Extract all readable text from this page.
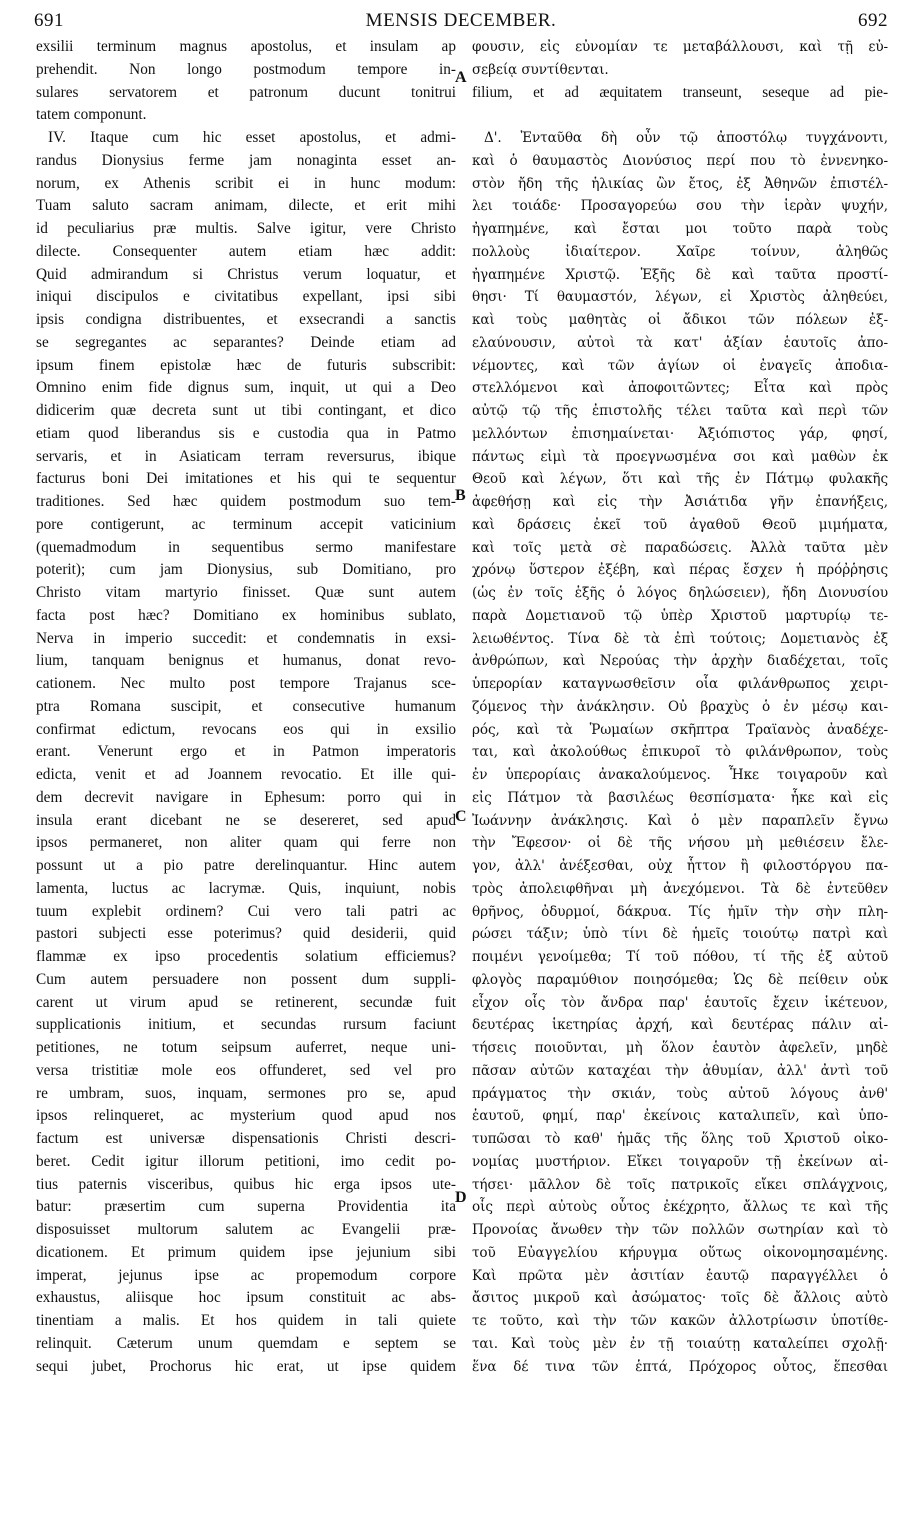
691	MENSIS DECEMBER.	692
exsilii terminum magnus apostolus, et insulam ap
prehendit. Non longo postmodum tempore in-
sulares servatorem et patronum ducunt tonitrui
tatem componunt.
IV. Itaque cum hic esset apostolus, et admi-
randus Dionysius ferme jam nonaginta esset an-
norum, ex Athenis scribit ei in hunc modum:
Tuam saluto sacram animam, dilecte, et erit mihi
id peculiarius præ multis. Salve igitur, vere Christo
dilecte. Consequenter autem etiam hæc addit:
Quid admirandum si Christus verum loquatur, et
iniqui discipulos e civitatibus expellant, ipsi sibi
ipsis condigna distribuentes, et exsecrandi a sanctis
se segregantes ac separantes? Deinde etiam ad
ipsum finem epistolæ hæc de futuris subscribit:
Omnino enim fide dignus sum, inquit, ut qui a Deo
didicerim quæ decreta sunt ut tibi contingant, et dico
etiam quod liberandus sis e custodia qua in Patmo
servaris, et in Asiaticam terram reversurus, ibique
facturus boni Dei imitationes et his qui te sequentur
traditiones. Sed hæc quidem postmodum suo tem-
pore contigerunt, ac terminum accepit vaticinium
(quemadmodum in sequentibus sermo manifestare
poterit); cum jam Dionysius, sub Domitiano, pro
Christo vitam martyrio finisset. Quæ sunt autem
facta post hæc? Domitiano ex hominibus sublato,
Nerva in imperio succedit: et condemnatis in exsi-
lium, tanquam benignus et humanus, donat revo-
cationem. Nec multo post tempore Trajanus sce-
ptra Romana suscipit, et consecutive humanum
confirmat edictum, revocans eos qui in exsilio
erant. Venerunt ergo et in Patmon imperatoris
edicta, venit et ad Joannem revocatio. Et ille qui-
dem decrevit navigare in Ephesum: porro qui in
insula erant dicebant ne se desereret, sed apud
ipsos permaneret, non aliter quam qui ferre non
possunt ut a pio patre derelinquantur. Hinc autem
lamenta, luctus ac lacrymæ. Quis, inquiunt, nobis
tuum explebit ordinem? Cui vero tali patri ac
pastori subjecti esse poterimus? quid desiderii, quid
flammæ ex ipso procedentis solatium efficiemus?
Cum autem persuadere non possent dum suppli-
carent ut virum apud se retinerent, secundæ fuit
supplicationis initium, et secundas rursum faciunt
petitiones, ne totum seipsum auferret, neque uni-
versa tristitiæ mole eos offunderet, sed vel pro
re umbram, suos, inquam, sermones pro se, apud
ipsos relinqueret, ac mysterium quod apud nos
factum est universæ dispensationis Christi descri-
beret. Cedit igitur illorum petitioni, imo cedit po-
tius paternis visceribus, quibus hic erga ipsos ute-
batur: præsertim cum superna Providentia ita
disposuisset multorum salutem ac Evangelii præ-
dicationem. Et primum quidem ipse jejunium sibi
imperat, jejunus ipse ac propemodum corpore
exhaustus, aliisque hoc ipsum constituit ac abs-
tinentiam a malis. Et hos quidem in tali quiete
relinquit. Cæterum unum quemdam e septem se
sequi jubet, Prochorus hic erat, ut ipse quidem
φουσιν, εἰς εὐνομίαν τε μεταβάλλουσι, καὶ τῇ εὐ-
σεβείᾳ συντίθενται.
filium, et ad æquitatem transeunt, seseque ad pie-
Δ'. Ἐνταῦθα δὴ οὖν τῷ ἀποστόλῳ τυγχάνοντι,
καὶ ὁ θαυμαστὸς Διονύσιος περί που τὸ ἐννενηκο-
στὸν ἤδη τῆς ἡλικίας ὢν ἔτος, ἐξ Ἀθηνῶν ἐπιστέλ-
λει τοιάδε· Προσαγορεύω σου τὴν ἱερὰν ψυχήν,
ἠγαπημένε, καὶ ἔσται μοι τοῦτο παρὰ τοὺς
πολλοὺς ἰδιαίτερον. Χαῖρε τοίνυν, ἀληθῶς
ἠγαπημένε Χριστῷ. Ἑξῆς δὲ καὶ ταῦτα προστί-
θησι· Τί θαυμαστόν, λέγων, εἰ Χριστὸς ἀληθεύει,
καὶ τοὺς μαθητὰς οἱ ἄδικοι τῶν πόλεων ἐξ-
ελαύνουσιν, αὐτοὶ τὰ κατ' ἀξίαν ἑαυτοῖς ἀπο-
νέμοντες, καὶ τῶν ἁγίων οἱ ἐναγεῖς ἀποδια-
στελλόμενοι καὶ ἀποφοιτῶντες; Εἶτα καὶ πρὸς
αὐτῷ τῷ τῆς ἐπιστολῆς τέλει ταῦτα καὶ περὶ τῶν
μελλόντων ἐπισημαίνεται· Ἀξιόπιστος γάρ, φησί,
πάντως εἰμὶ τὰ προεγνωσμένα σοι καὶ μαθὼν ἐκ
Θεοῦ καὶ λέγων, ὅτι καὶ τῆς ἐν Πάτμῳ φυλακῆς
ἀφεθήσῃ καὶ εἰς τὴν Ἀσιάτιδα γῆν ἐπανήξεις,
καὶ δράσεις ἐκεῖ τοῦ ἀγαθοῦ Θεοῦ μιμήματα,
καὶ τοῖς μετὰ σὲ παραδώσεις. Ἀλλὰ ταῦτα μὲν
χρόνῳ ὕστερον ἐξέβη, καὶ πέρας ἔσχεν ἡ πρόῤῥησις
(ὡς ἐν τοῖς ἑξῆς ὁ λόγος δηλώσειεν), ἤδη Διονυσίου
παρὰ Δομετιανοῦ τῷ ὑπὲρ Χριστοῦ μαρτυρίῳ τε-
λειωθέντος. Τίνα δὲ τὰ ἐπὶ τούτοις; Δομετιανὸς ἐξ
ἀνθρώπων, καὶ Νερούας τὴν ἀρχὴν διαδέχεται, τοῖς
ὑπερορίαν καταγνωσθεῖσιν οἷα φιλάνθρωπος χειρι-
ζόμενος τὴν ἀνάκλησιν. Οὐ βραχὺς ὁ ἐν μέσῳ και-
ρός, καὶ τὰ Ῥωμαίων σκῆπτρα Τραϊανὸς ἀναδέχε-
ται, καὶ ἀκολούθως ἐπικυροῖ τὸ φιλάνθρωπον, τοὺς
ἐν ὑπερορίαις ἀνακαλούμενος. Ἧκε τοιγαροῦν καὶ
εἰς Πάτμον τὰ βασιλέως θεσπίσματα· ἧκε καὶ εἰς
Ἰωάννην ἀνάκλησις. Καὶ ὁ μὲν παραπλεῖν ἔγνω
τὴν Ἔφεσον· οἱ δὲ τῆς νήσου μὴ μεθιέσειν ἔλε-
γον, ἀλλ' ἀνέξεσθαι, οὐχ ἧττον ἢ φιλοστόργου πα-
τρὸς ἀπολειφθῆναι μὴ ἀνεχόμενοι. Τὰ δὲ ἐντεῦθεν
θρῆνος, ὀδυρμοί, δάκρυα. Τίς ἡμῖν τὴν σὴν πλη-
ρώσει τάξιν; ὑπὸ τίνι δὲ ἡμεῖς τοιούτῳ πατρὶ καὶ
ποιμένι γενοίμεθα; Τί τοῦ πόθου, τί τῆς ἐξ αὐτοῦ
φλογὸς παραμύθιον ποιησόμεθα; Ὡς δὲ πείθειν οὐκ
εἶχον οἷς τὸν ἄνδρα παρ' ἑαυτοῖς ἔχειν ἱκέτευον,
δευτέρας ἱκετηρίας ἀρχή, καὶ δευτέρας πάλιν αἰ-
τήσεις ποιοῦνται, μὴ ὅλον ἑαυτὸν ἀφελεῖν, μηδὲ
πᾶσαν αὐτῶν καταχέαι τὴν ἀθυμίαν, ἀλλ' ἀντὶ τοῦ
πράγματος τὴν σκιάν, τοὺς αὐτοῦ λόγους ἀνθ'
ἑαυτοῦ, φημί, παρ' ἐκείνοις καταλιπεῖν, καὶ ὑπο-
τυπῶσαι τὸ καθ' ἡμᾶς τῆς ὅλης τοῦ Χριστοῦ οἰκο-
νομίας μυστήριον. Εἴκει τοιγαροῦν τῇ ἐκείνων αἰ-
τήσει· μᾶλλον δὲ τοῖς πατρικοῖς εἴκει σπλάγχνοις,
οἷς περὶ αὐτοὺς οὗτος ἐκέχρητο, ἄλλως τε καὶ τῆς
Προνοίας ἄνωθεν τὴν τῶν πολλῶν σωτηρίαν καὶ τὸ
τοῦ Εὐαγγελίου κήρυγμα οὕτως οἰκονομησαμένης.
Καὶ πρῶτα μὲν ἀσιτίαν ἑαυτῷ παραγγέλλει ὁ
ἄσιτος μικροῦ καὶ ἀσώματος· τοῖς δὲ ἄλλοις αὐτὸ
τε τοῦτο, καὶ τὴν τῶν κακῶν ἀλλοτρίωσιν ὑποτίθε-
ται. Καὶ τοὺς μὲν ἐν τῇ τοιαύτῃ καταλείπει σχολῇ·
ἕνα δέ τινα τῶν ἑπτά, Πρόχορος οὗτος, ἕπεσθαι
A
B
C
D
